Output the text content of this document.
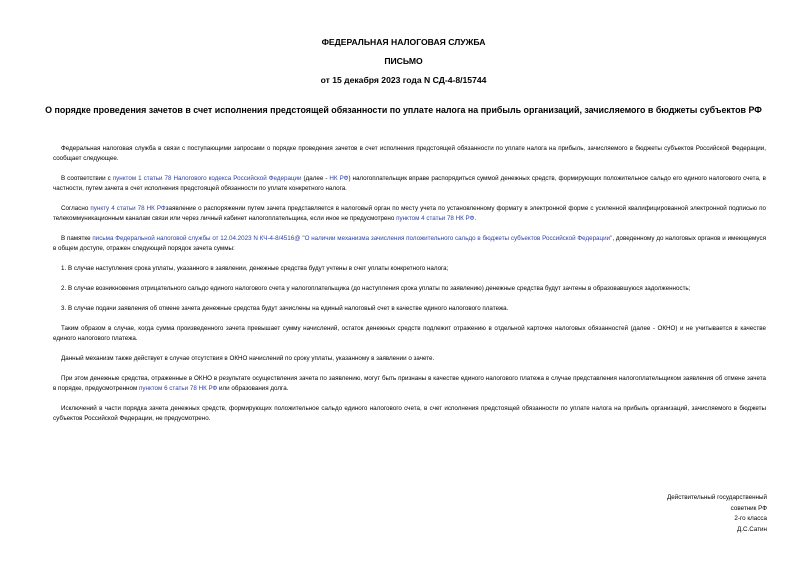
ФЕДЕРАЛЬНАЯ НАЛОГОВАЯ СЛУЖБА
ПИСЬМО
от 15 декабря 2023 года N СД-4-8/15744
О порядке проведения зачетов в счет исполнения предстоящей обязанности по уплате налога на прибыль организаций, зачисляемого в бюджеты субъектов РФ

Федеральная налоговая служба в связи с поступающими запросами о порядке проведения зачетов в счет исполнения предстоящей обязанности по уплате налога на прибыль, зачисляемого в бюджеты субъектов Российской Федерации, сообщает следующее.

В соответствии с пунктом 1 статьи 78 Налогового кодекса Российской Федерации (далее - НК РФ) налогоплательщик вправе распорядиться суммой денежных средств, формирующих положительное сальдо его единого налогового счета, в частности, путем зачета в счет исполнения предстоящей обязанности по уплате конкретного налога.

Согласно пункту 4 статьи 78 НК РФзаявление о распоряжении путем зачета представляется в налоговый орган по месту учета по установленному формату в электронной форме с усиленной квалифицированной электронной подписью по телекоммуникационным каналам связи или через личный кабинет налогоплательщика, если иное не предусмотрено пунктом 4 статьи 78 НК РФ.

В памятке письма Федеральной налоговой службы от 12.04.2023 N КЧ-4-8/4516@ "О наличии механизма зачисления положительного сальдо в бюджеты субъектов Российской Федерации", доведенному до налоговых органов и имеющемуся в общем доступе, отражен следующий порядок зачета суммы:

1. В случае наступления срока уплаты, указанного в заявлении, денежные средства будут учтены в счет уплаты конкретного налога;

2. В случае возникновения отрицательного сальдо единого налогового счета у налогоплательщика (до наступления срока уплаты по заявлению) денежные средства будут зачтены в образовавшуюся задолженность;

3. В случае подачи заявления об отмене зачета денежные средства будут зачислены на единый налоговый счет в качестве единого налогового платежа.

Таким образом в случае, когда сумма произведенного зачета превышает сумму начислений, остаток денежных средств подлежит отражению в отдельной карточке налоговых обязанностей (далее - ОКНО) и не учитывается в качестве единого налогового платежа.

Данный механизм также действует в случае отсутствия в ОКНО начислений по сроку уплаты, указанному в заявлении о зачете.

При этом денежные средства, отраженные в ОКНО в результате осуществления зачета по заявлению, могут быть признаны в качестве единого налогового платежа в случае представления налогоплательщиком заявления об отмене зачета в порядке, предусмотренном пунктом 6 статьи 78 НК РФ или образования долга.

Исключений в части порядка зачета денежных средств, формирующих положительное сальдо единого налогового счета, в счет исполнения предстоящей обязанности по уплате налога на прибыль организаций, зачисляемого в бюджеты субъектов Российской Федерации, не предусмотрено.

Действительный государственный
советник РФ
2-го класса
Д.С.Сатин
